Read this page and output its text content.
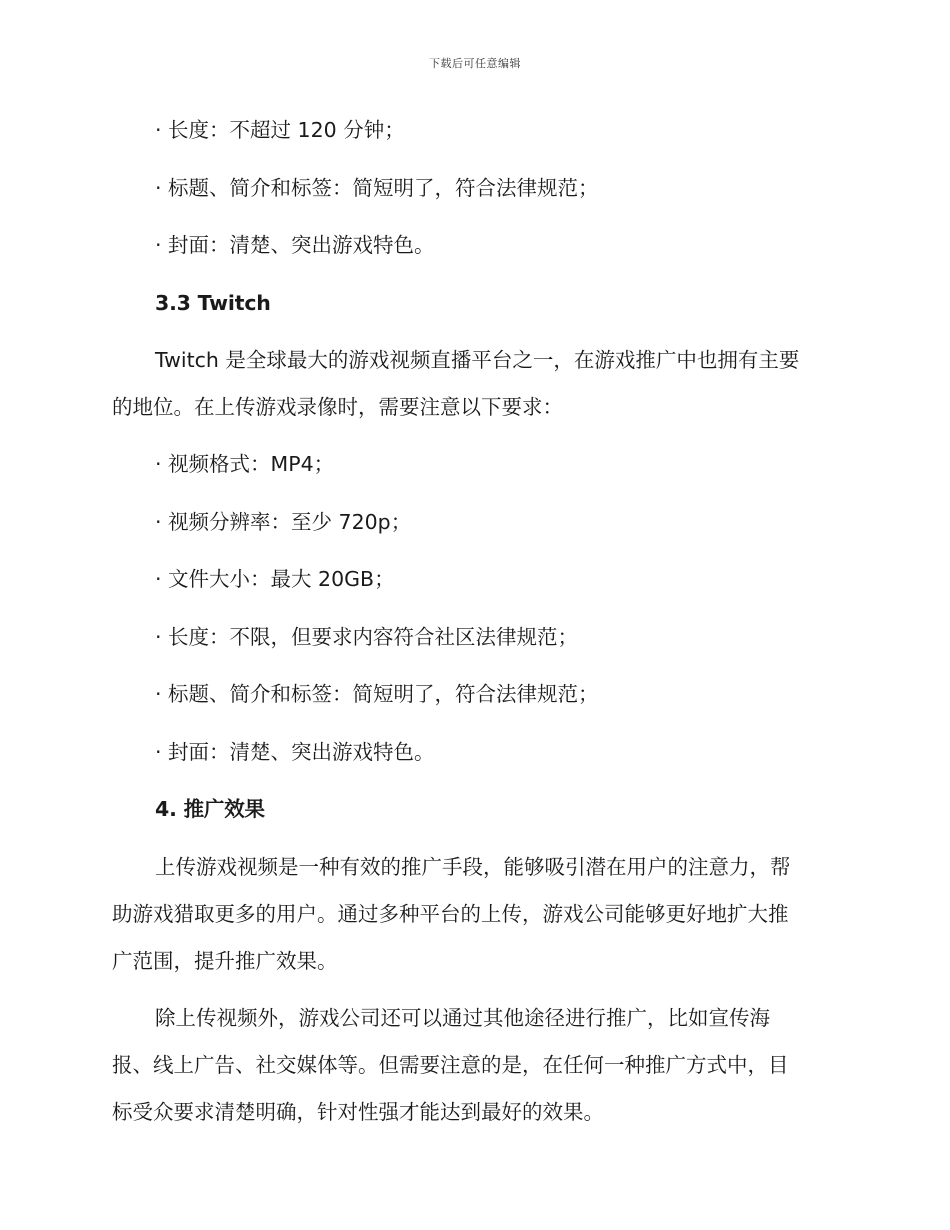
下载后可任意编辑
· 长度：不超过 120 分钟；
· 标题、简介和标签：简短明了，符合法律规范；
· 封面：清楚、突出游戏特色。
3.3 Twitch
Twitch 是全球最大的游戏视频直播平台之一，在游戏推广中也拥有主要
的地位。在上传游戏录像时，需要注意以下要求：
· 视频格式：MP4；
· 视频分辨率：至少 720p；
· 文件大小：最大 20GB；
· 长度：不限，但要求内容符合社区法律规范；
· 标题、简介和标签：简短明了，符合法律规范；
· 封面：清楚、突出游戏特色。
4. 推广效果
上传游戏视频是一种有效的推广手段，能够吸引潜在用户的注意力，帮
助游戏猎取更多的用户。通过多种平台的上传，游戏公司能够更好地扩大推
广范围，提升推广效果。
除上传视频外，游戏公司还可以通过其他途径进行推广，比如宣传海
报、线上广告、社交媒体等。但需要注意的是，在任何一种推广方式中，目
标受众要求清楚明确，针对性强才能达到最好的效果。
